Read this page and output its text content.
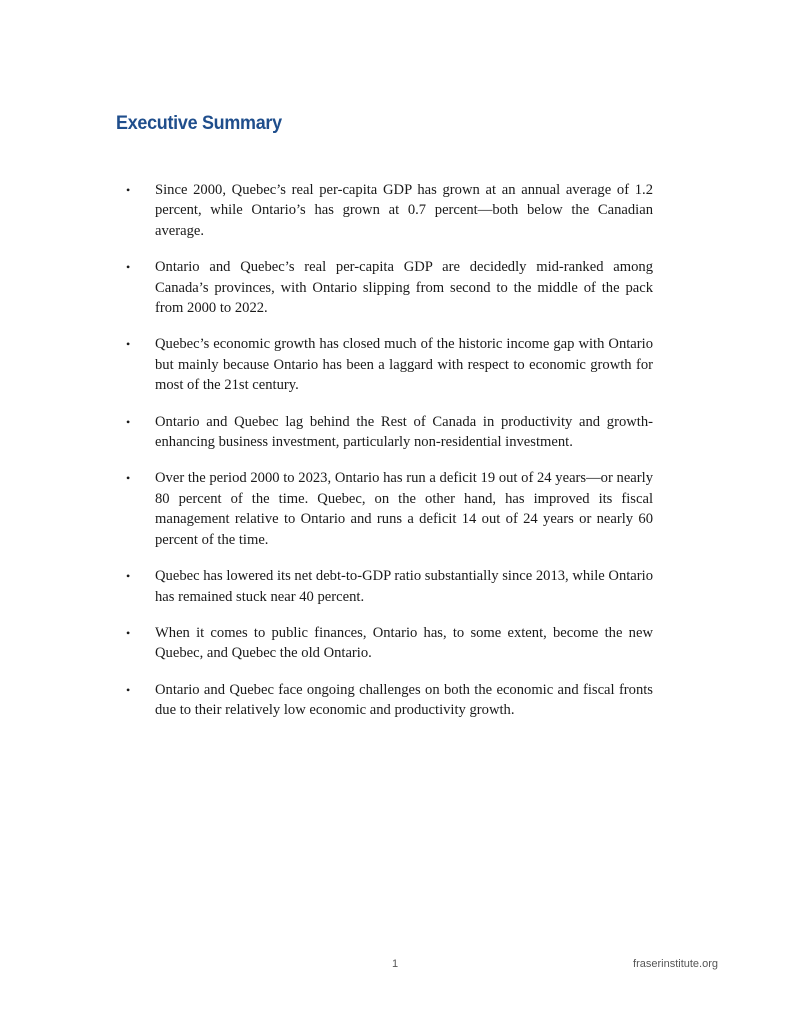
Executive Summary
• Since 2000, Quebec’s real per-capita GDP has grown at an annual average of 1.2 percent, while Ontario’s has grown at 0.7 percent—both below the Canadian average.
• Ontario and Quebec’s real per-capita GDP are decidedly mid-ranked among Canada’s provinces, with Ontario slipping from second to the middle of the pack from 2000 to 2022.
• Quebec’s economic growth has closed much of the historic income gap with Ontario but mainly because Ontario has been a laggard with respect to economic growth for most of the 21st century.
• Ontario and Quebec lag behind the Rest of Canada in productivity and growth-enhancing business investment, particularly non-residential investment.
• Over the period 2000 to 2023, Ontario has run a deficit 19 out of 24 years—or nearly 80 percent of the time. Quebec, on the other hand, has improved its fiscal management relative to Ontario and runs a deficit 14 out of 24 years or nearly 60 percent of the time.
• Quebec has lowered its net debt-to-GDP ratio substantially since 2013, while Ontario has remained stuck near 40 percent.
• When it comes to public finances, Ontario has, to some extent, become the new Quebec, and Quebec the old Ontario.
• Ontario and Quebec face ongoing challenges on both the economic and fiscal fronts due to their relatively low economic and productivity growth.
1	fraserinstitute.org
